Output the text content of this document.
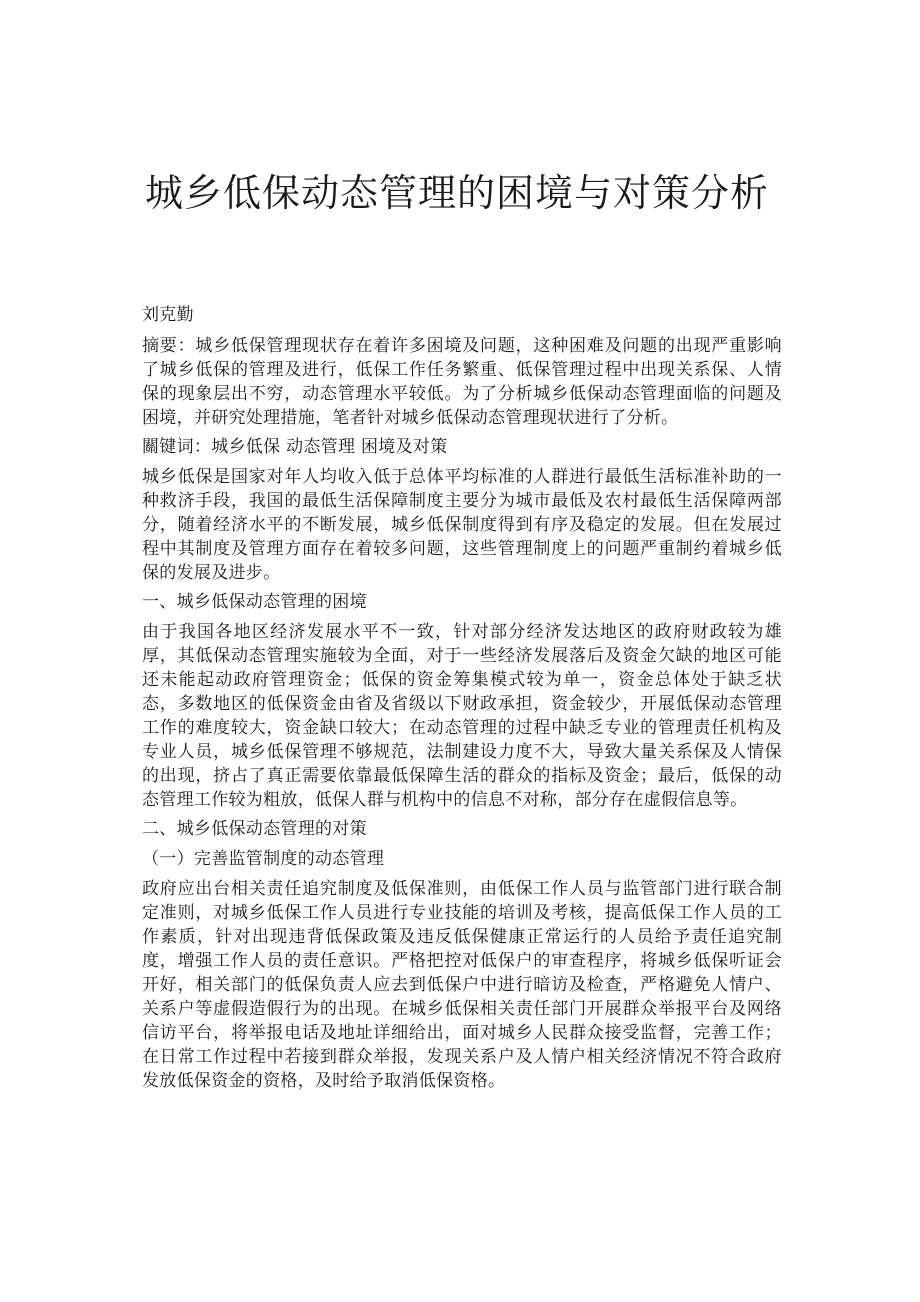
城乡低保动态管理的困境与对策分析

刘克勤

摘要：城乡低保管理现状存在着许多困境及问题，这种困难及问题的出现严重影响了城乡低保的管理及进行，低保工作任务繁重、低保管理过程中出现关系保、人情保的现象层出不穷，动态管理水平较低。为了分析城乡低保动态管理面临的问题及困境，并研究处理措施，笔者针对城乡低保动态管理现状进行了分析。

關键词：城乡低保 动态管理 困境及对策

城乡低保是国家对年人均收入低于总体平均标准的人群进行最低生活标准补助的一种救济手段，我国的最低生活保障制度主要分为城市最低及农村最低生活保障两部分，随着经济水平的不断发展，城乡低保制度得到有序及稳定的发展。但在发展过程中其制度及管理方面存在着较多问题，这些管理制度上的问题严重制约着城乡低保的发展及进步。

一、城乡低保动态管理的困境

由于我国各地区经济发展水平不一致，针对部分经济发达地区的政府财政较为雄厚，其低保动态管理实施较为全面，对于一些经济发展落后及资金欠缺的地区可能还未能起动政府管理资金；低保的资金筹集模式较为单一，资金总体处于缺乏状态，多数地区的低保资金由省及省级以下财政承担，资金较少，开展低保动态管理工作的难度较大，资金缺口较大；在动态管理的过程中缺乏专业的管理责任机构及专业人员，城乡低保管理不够规范，法制建设力度不大，导致大量关系保及人情保的出现，挤占了真正需要依靠最低保障生活的群众的指标及资金；最后，低保的动态管理工作较为粗放，低保人群与机构中的信息不对称，部分存在虚假信息等。

二、城乡低保动态管理的对策

（一）完善监管制度的动态管理

政府应出台相关责任追究制度及低保准则，由低保工作人员与监管部门进行联合制定准则，对城乡低保工作人员进行专业技能的培训及考核，提高低保工作人员的工作素质，针对出现违背低保政策及违反低保健康正常运行的人员给予责任追究制度，增强工作人员的责任意识。严格把控对低保户的审查程序，将城乡低保听证会开好，相关部门的低保负责人应去到低保户中进行暗访及检查，严格避免人情户、关系户等虚假造假行为的出现。在城乡低保相关责任部门开展群众举报平台及网络信访平台，将举报电话及地址详细给出，面对城乡人民群众接受监督，完善工作；在日常工作过程中若接到群众举报，发现关系户及人情户相关经济情况不符合政府发放低保资金的资格，及时给予取消低保资格。
